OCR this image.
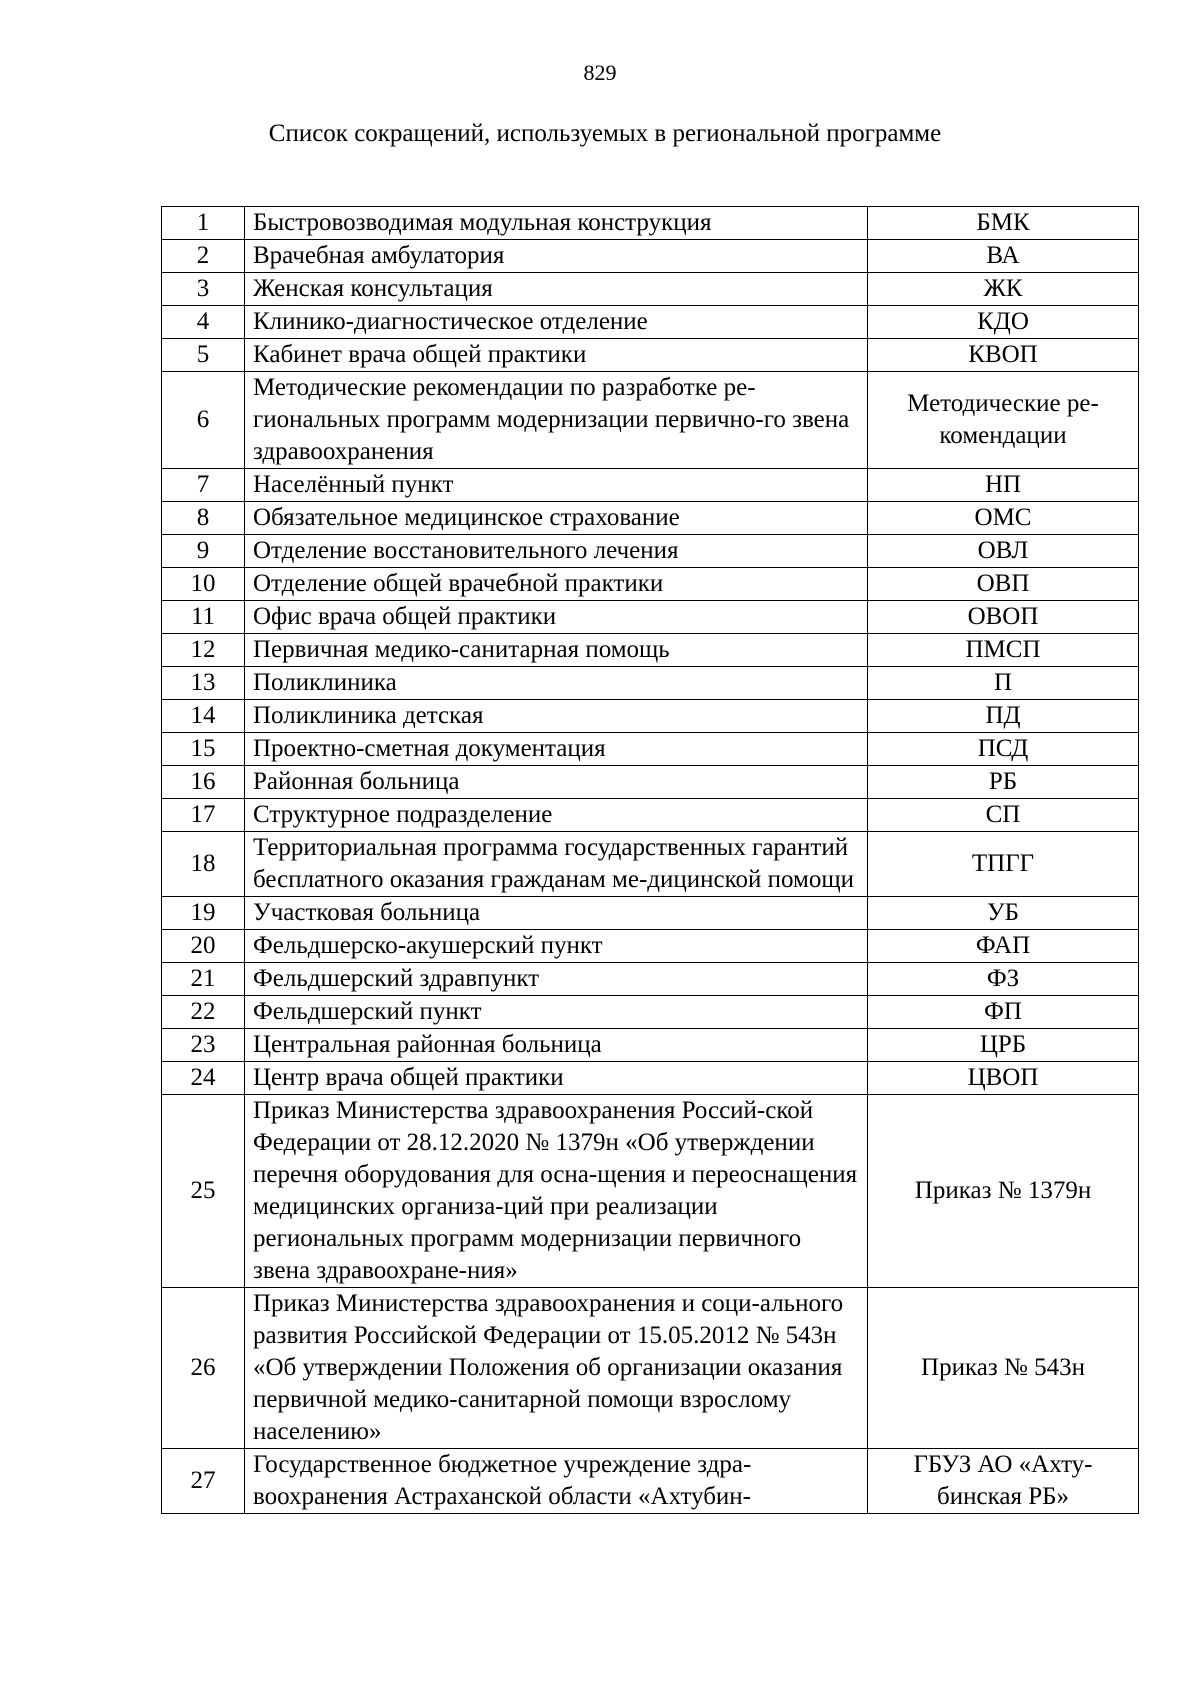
829
Список сокращений, используемых в региональной программе
1	Быстровозводимая модульная конструкция	БМК
2	Врачебная амбулатория	ВА
3	Женская консультация	ЖК
4	Клинико-диагностическое отделение	КДО
5	Кабинет врача общей практики	КВОП
6	Методические рекомендации по разработке ре-гиональных программ модернизации первично-го звена здравоохранения	Методические ре-комендации
7	Населённый пункт	НП
8	Обязательное медицинское страхование	ОМС
9	Отделение восстановительного лечения	ОВЛ
10	Отделение общей врачебной практики	ОВП
11	Офис врача общей практики	ОВОП
12	Первичная медико-санитарная помощь	ПМСП
13	Поликлиника	П
14	Поликлиника детская	ПД
15	Проектно-сметная документация	ПСД
16	Районная больница	РБ
17	Структурное подразделение	СП
18	Территориальная программа государственных гарантий бесплатного оказания гражданам ме-дицинской помощи	ТПГГ
19	Участковая больница	УБ
20	Фельдшерско-акушерский пункт	ФАП
21	Фельдшерский здравпункт	ФЗ
22	Фельдшерский пункт	ФП
23	Центральная районная больница	ЦРБ
24	Центр врача общей практики	ЦВОП
25	Приказ Министерства здравоохранения Россий-ской Федерации от 28.12.2020 № 1379н «Об утверждении перечня оборудования для осна-щения и переоснащения медицинских организа-ций при реализации региональных программ модернизации первичного звена здравоохране-ния»	Приказ № 1379н
26	Приказ Министерства здравоохранения и соци-ального развития Российской Федерации от 15.05.2012 № 543н «Об утверждении Положения об организации оказания первичной медико-санитарной помощи взрослому населению»	Приказ № 543н
27	Государственное бюджетное учреждение здра-воохранения Астраханской области «Ахтубин-	ГБУЗ АО «Ахту-бинская РБ»
